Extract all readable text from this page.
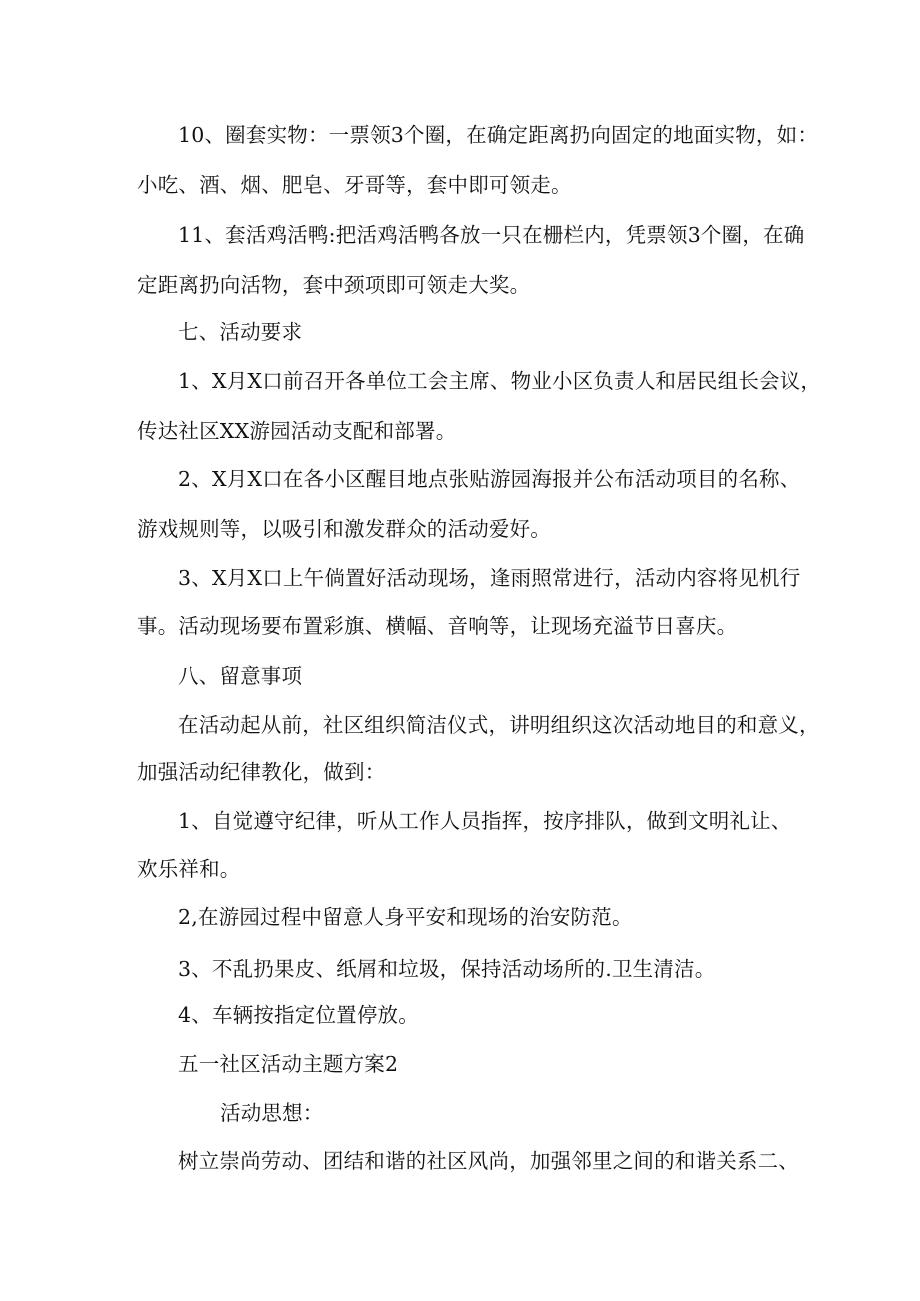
10、圈套实物：一票领3个圈，在确定距离扔向固定的地面实物，如：
小吃、酒、烟、肥皂、牙哥等，套中即可领走。
11、套活鸡活鸭:把活鸡活鸭各放一只在栅栏内，凭票领3个圈，在确
定距离扔向活物，套中颈项即可领走大奖。
七、活动要求
1、X月X口前召开各单位工会主席、物业小区负责人和居民组长会议，
传达社区XX游园活动支配和部署。
2、X月X口在各小区醒目地点张贴游园海报并公布活动项目的名称、
游戏规则等，以吸引和激发群众的活动爱好。
3、X月X口上午倘置好活动现场，逢雨照常进行，活动内容将见机行
事。活动现场要布置彩旗、横幅、音响等，让现场充溢节日喜庆。
八、留意事项
在活动起从前，社区组织简洁仪式，讲明组织这次活动地目的和意义，
加强活动纪律教化，做到：
1、自觉遵守纪律，听从工作人员指挥，按序排队，做到文明礼让、
欢乐祥和。
2,在游园过程中留意人身平安和现场的治安防范。
3、不乱扔果皮、纸屑和垃圾，保持活动场所的.卫生清洁。
4、车辆按指定位置停放。
五一社区活动主题方案2
活动思想：
树立崇尚劳动、团结和谐的社区风尚，加强邻里之间的和谐关系二、
